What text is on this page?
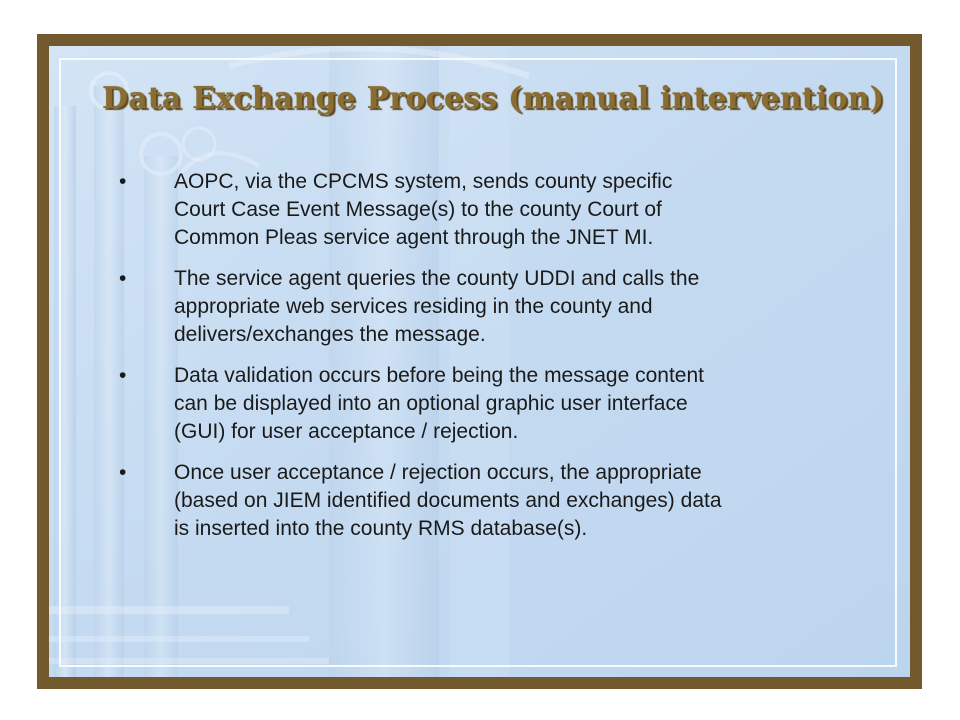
Data Exchange Process (manual intervention)
• AOPC, via the CPCMS system, sends county specific
Court Case Event Message(s) to the county Court of
Common Pleas service agent through the JNET MI.
• The service agent queries the county UDDI and calls the
appropriate web services residing in the county and
delivers/exchanges the message.
• Data validation occurs before being the message content
can be displayed into an optional graphic user interface
(GUI) for user acceptance / rejection.
• Once user acceptance / rejection occurs, the appropriate
(based on JIEM identified documents and exchanges) data
is inserted into the county RMS database(s).
